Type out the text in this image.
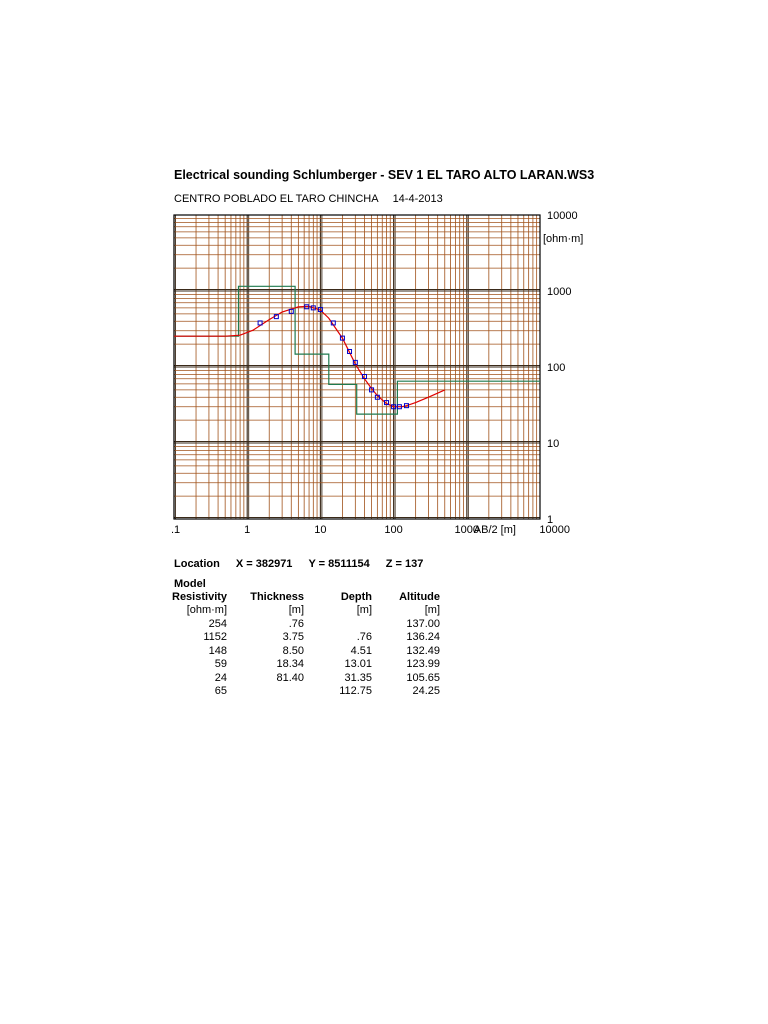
Electrical sounding Schlumberger - SEV 1 EL TARO ALTO LARAN.WS3
CENTRO POBLADO EL TARO CHINCHA 14-4-2013
1
10
100
1000
10000
.1	1	10	100	1000	10000
[ohm·m]
AB/2 [m]
Location X = 382971 Y = 8511154 Z = 137
Model
Resistivity	Thickness	Depth	Altitude
[ohm·m]	[m]	[m]	[m]
254	.76		137.00
1152	3.75	.76	136.24
148	8.50	4.51	132.49
59	18.34	13.01	123.99
24	81.40	31.35	105.65
65		112.75	24.25
